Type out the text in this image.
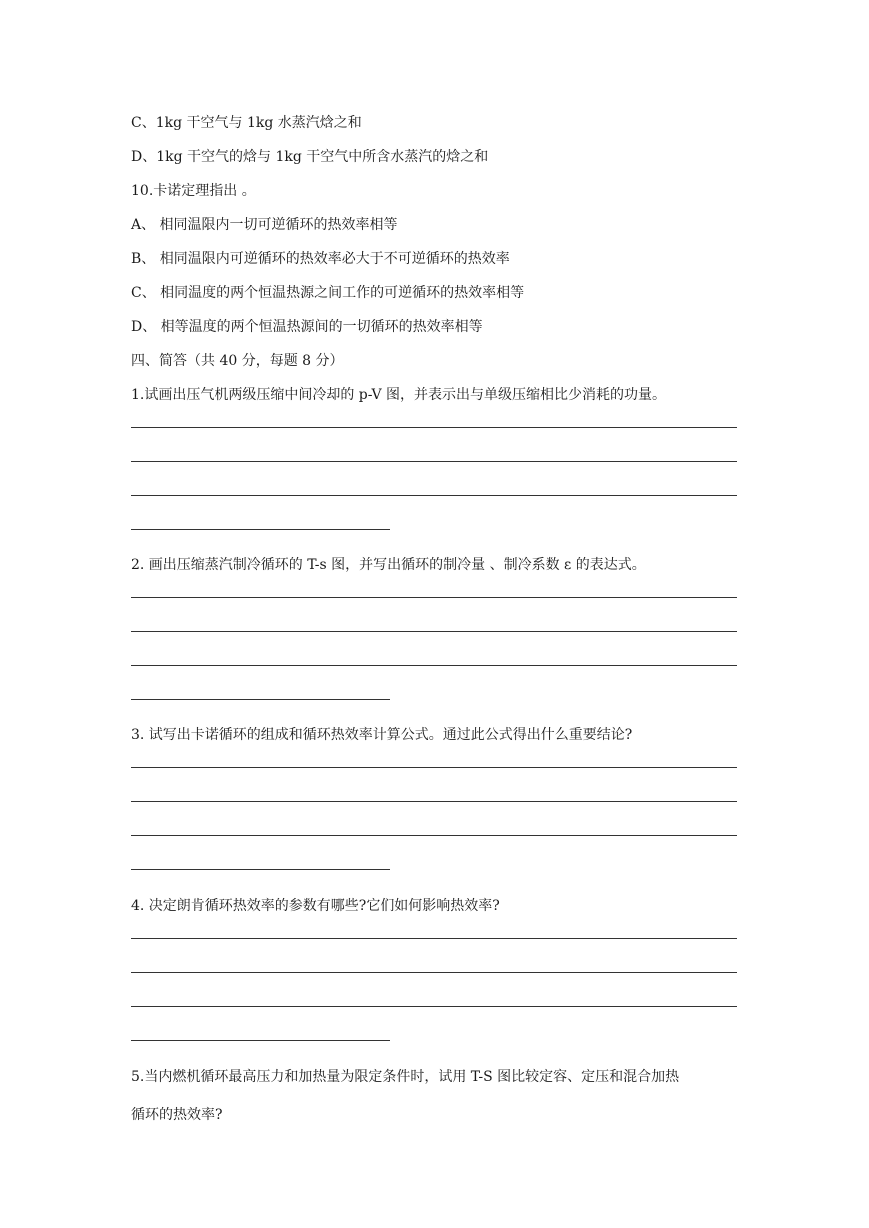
C、1kg 干空气与 1kg 水蒸汽焓之和
D、1kg 干空气的焓与 1kg 干空气中所含水蒸汽的焓之和
10.卡诺定理指出 。
A、 相同温限内一切可逆循环的热效率相等
B、 相同温限内可逆循环的热效率必大于不可逆循环的热效率
C、 相同温度的两个恒温热源之间工作的可逆循环的热效率相等
D、 相等温度的两个恒温热源间的一切循环的热效率相等
四、简答（共 40 分，每题 8 分）
1.试画出压气机两级压缩中间冷却的 p-V 图，并表示出与单级压缩相比少消耗的功量。
2. 画出压缩蒸汽制冷循环的 T-s 图，并写出循环的制冷量 、制冷系数 ε 的表达式。
3. 试写出卡诺循环的组成和循环热效率计算公式。通过此公式得出什么重要结论?
4. 决定朗肯循环热效率的参数有哪些?它们如何影响热效率?
5.当内燃机循环最高压力和加热量为限定条件时，试用 T-S 图比较定容、定压和混合加热
循环的热效率?
